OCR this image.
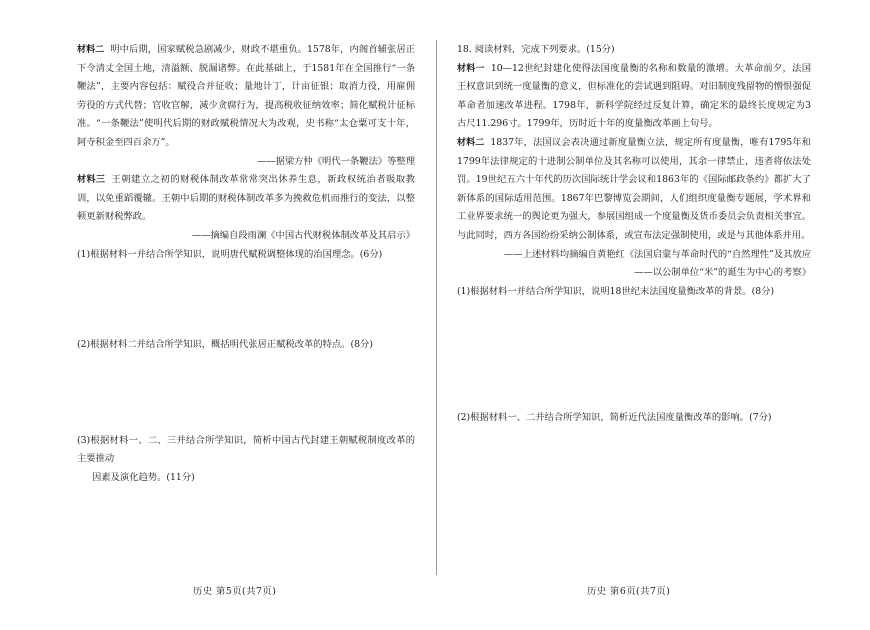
材料二 明中后期，国家赋税急剧减少，财政不堪重负。1578年，内阁首辅张居正下令清丈全国土地，清溢额、脱漏诸弊。在此基础上，于1581年在全国推行“一条鞭法”，主要内容包括：赋役合并征收；量地计丁，计亩征银；取消力役，用雇佣劳役的方式代替；官收官解，减少贪腐行为，提高税收征纳效率；简化赋税计征标准。“一条鞭法”使明代后期的财政赋税情况大为改观，史书称“太仓粟可支十年，阿寺积金至四百余万”。

——据梁方仲《明代一条鞭法》等整理

材料三 王朝建立之初的财税体制改革常常突出休养生息，新政权统治者吸取教训，以免重蹈覆辙。王朝中后期的财税体制改革多为挽救危机而推行的变法，以整顿更新财税弊政。

——摘编自段雨澜《中国古代财税体制改革及其启示》

(1)根据材料一并结合所学知识，说明唐代赋税调整体现的治国理念。(6分)

(2)根据材料二并结合所学知识，概括明代张居正赋税改革的特点。(8分)

(3)根据材料一、二、三并结合所学知识，简析中国古代封建王朝赋税制度改革的主要推动

因素及演化趋势。(11分)

历史 第5页(共7页)

18. 阅读材料，完成下列要求。(15分)

材料一 10—12世纪封建化使得法国度量衡的名称和数量的激增。大革命前夕，法国王权意识到统一度量衡的意义，但标准化的尝试遇到阻碍。对旧制度残留物的憎恨强促革命者加速改革进程。1798年，新科学院经过反复计算，确定米的最终长度规定为3古尺11.296寸。1799年，历时近十年的度量衡改革画上句号。

材料二 1837年，法国议会表决通过新度量衡立法，规定所有度量衡，唯有1795年和1799年法律规定的十进制公制单位及其名称可以使用，其余一律禁止，违者将依法处罚。19世纪五六十年代的历次国际统计学会议和1863年的《国际邮政条约》都扩大了新体系的国际适用范围。1867年巴黎博览会期间，人们组织度量衡专题展，学术界和工业界要求统一的舆论更为强大，参展国组成一个度量衡及货币委员会负责相关事宜。与此同时，西方各国纷纷采纳公制体系，或宣布法定强制使用，或是与其他体系并用。

——上述材料均摘编自黄艳红《法国启蒙与革命时代的“自然理性”及其放应

——以公制单位“米”的诞生为中心的考察》

(1)根据材料一并结合所学知识，说明18世纪末法国度量衡改革的背景。(8分)

(2)根据材料一、二并结合所学知识，简析近代法国度量衡改革的影响。(7分)

历史 第6页(共7页)
